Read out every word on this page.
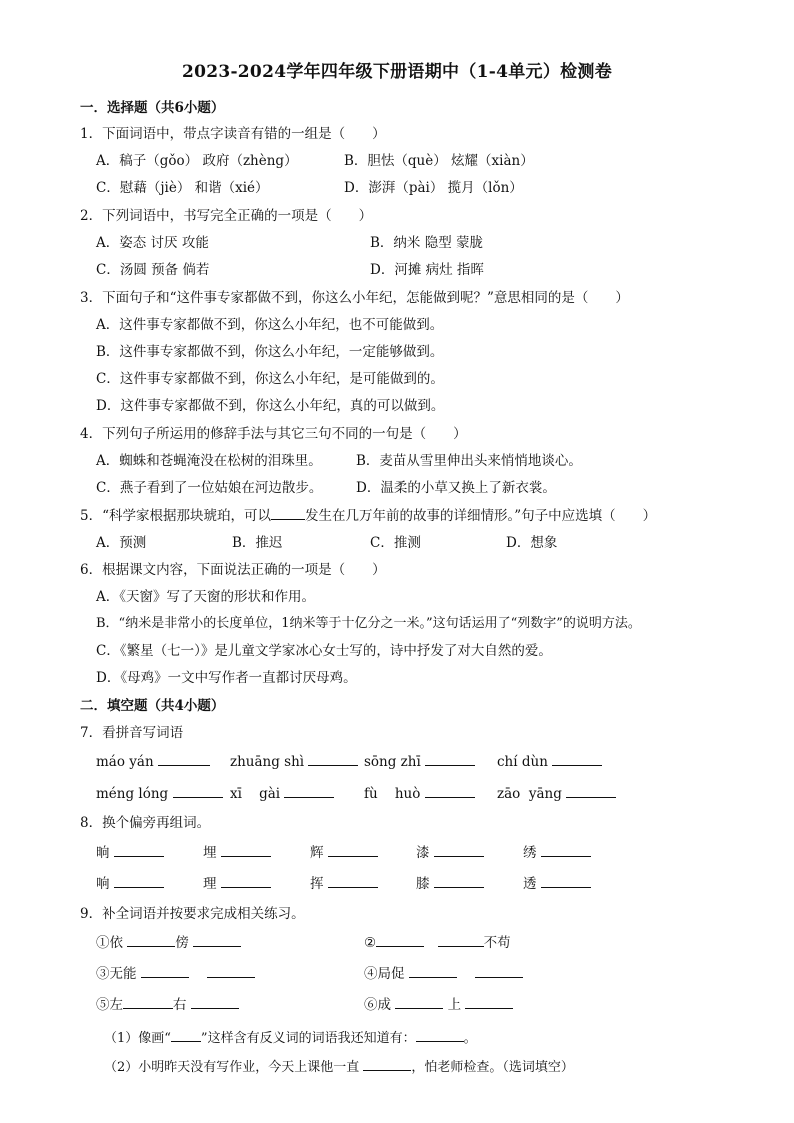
2023-2024学年四年级下册语期中（1-4单元）检测卷
一．选择题（共6小题）
1．下面词语中，带点字读音有错的一组是（　　）
A．稿子（gǒo） 政府（zhèng）	B．胆怯（què） 炫耀（xiàn）
C．慰藉（jiè） 和谐（xié）	D．澎湃（pài） 揽月（lǒn）
2．下列词语中，书写完全正确的一项是（　　）
A．姿态 讨厌 攻能	B．纳米 隐型 蒙胧
C．汤圆 预备 倘若	D．河摊 病灶 指晖
3．下面句子和“这件事专家都做不到，你这么小年纪，怎能做到呢？”意思相同的是（　　）
A．这件事专家都做不到，你这么小年纪，也不可能做到。
B．这件事专家都做不到，你这么小年纪，一定能够做到。
C．这件事专家都做不到，你这么小年纪，是可能做到的。
D．这件事专家都做不到，你这么小年纪，真的可以做到。
4．下列句子所运用的修辞手法与其它三句不同的一句是（　　）
A．蜘蛛和苍蝇淹没在松树的泪珠里。	B．麦苗从雪里伸出头来悄悄地谈心。
C．燕子看到了一位姑娘在河边散步。 D．温柔的小草又换上了新衣裳。
5．“科学家根据那块琥珀，可以	发生在几万年前的故事的详细情形。”句子中应选填（　　）
A．预测	B．推迟	C．推测	D．想象
6．根据课文内容，下面说法正确的一项是（　　）
A．《天窗》写了天窗的形状和作用。
B．“纳米是非常小的长度单位，1纳米等于十亿分之一米。”这句话运用了“列数字”的说明方法。
C．《繁星（七一）》是儿童文学家冰心女士写的，诗中抒发了对大自然的爱。
D．《母鸡》一文中写作者一直都讨厌母鸡。
二．填空题（共4小题）
7．看拼音写词语
máo yán	zhuāng shì	sōng zhī	chí dùn
méng lóng	xī    gài	fù    huò	zāo  yāng
8．换个偏旁再组词。
晌	埋	辉	漆	绣
响	理	挥	膝	透
9．补全词语并按要求完成相关练习。
①依	傍	②　	不苟
③无能 　	④局促 　
⑤左	右	⑥成	上
（1）像画“ ”这样含有反义词的词语我还知道有：	。
（2）小明昨天没有写作业，今天上课他一直	，怕老师检查。（选词填空）
